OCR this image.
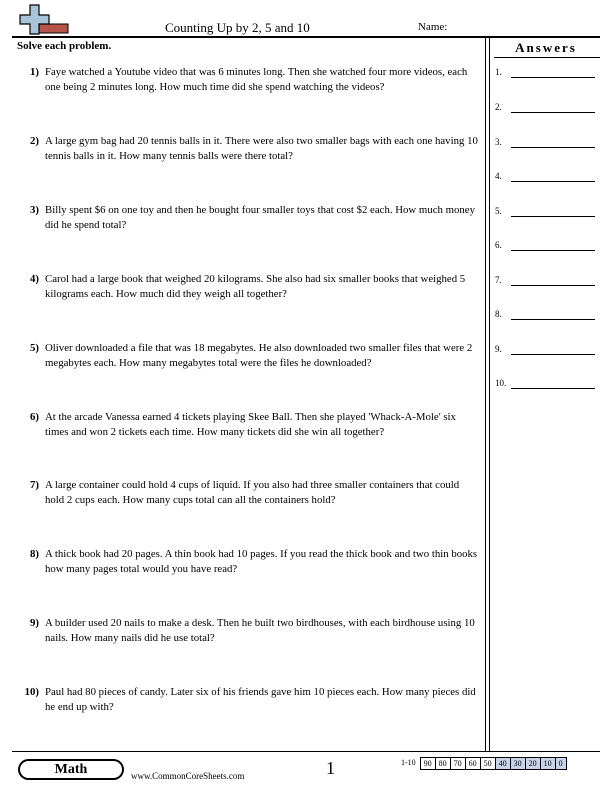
Counting Up by 2, 5 and 10	Name:
Solve each problem.	Answers
1) Faye watched a Youtube video that was 6 minutes long. Then she watched four more videos, each one being 2 minutes long. How much time did she spend watching the videos?
2) A large gym bag had 20 tennis balls in it. There were also two smaller bags with each one having 10 tennis balls in it. How many tennis balls were there total?
3) Billy spent $6 on one toy and then he bought four smaller toys that cost $2 each. How much money did he spend total?
4) Carol had a large book that weighed 20 kilograms. She also had six smaller books that weighed 5 kilograms each. How much did they weigh all together?
5) Oliver downloaded a file that was 18 megabytes. He also downloaded two smaller files that were 2 megabytes each. How many megabytes total were the files he downloaded?
6) At the arcade Vanessa earned 4 tickets playing Skee Ball. Then she played 'Whack-A-Mole' six times and won 2 tickets each time. How many tickets did she win all together?
7) A large container could hold 4 cups of liquid. If you also had three smaller containers that could hold 2 cups each. How many cups total can all the containers hold?
8) A thick book had 20 pages. A thin book had 10 pages. If you read the thick book and two thin books how many pages total would you have read?
9) A builder used 20 nails to make a desk. Then he built two birdhouses, with each birdhouse using 10 nails. How many nails did he use total?
10) Paul had 80 pieces of candy. Later six of his friends gave him 10 pieces each. How many pieces did he end up with?
1.
2.
3.
4.
5.
6.
7.
8.
9.
10.
Math	www.CommonCoreSheets.com	1	1-10	90 80 70 60 50 40 30 20 10 0
